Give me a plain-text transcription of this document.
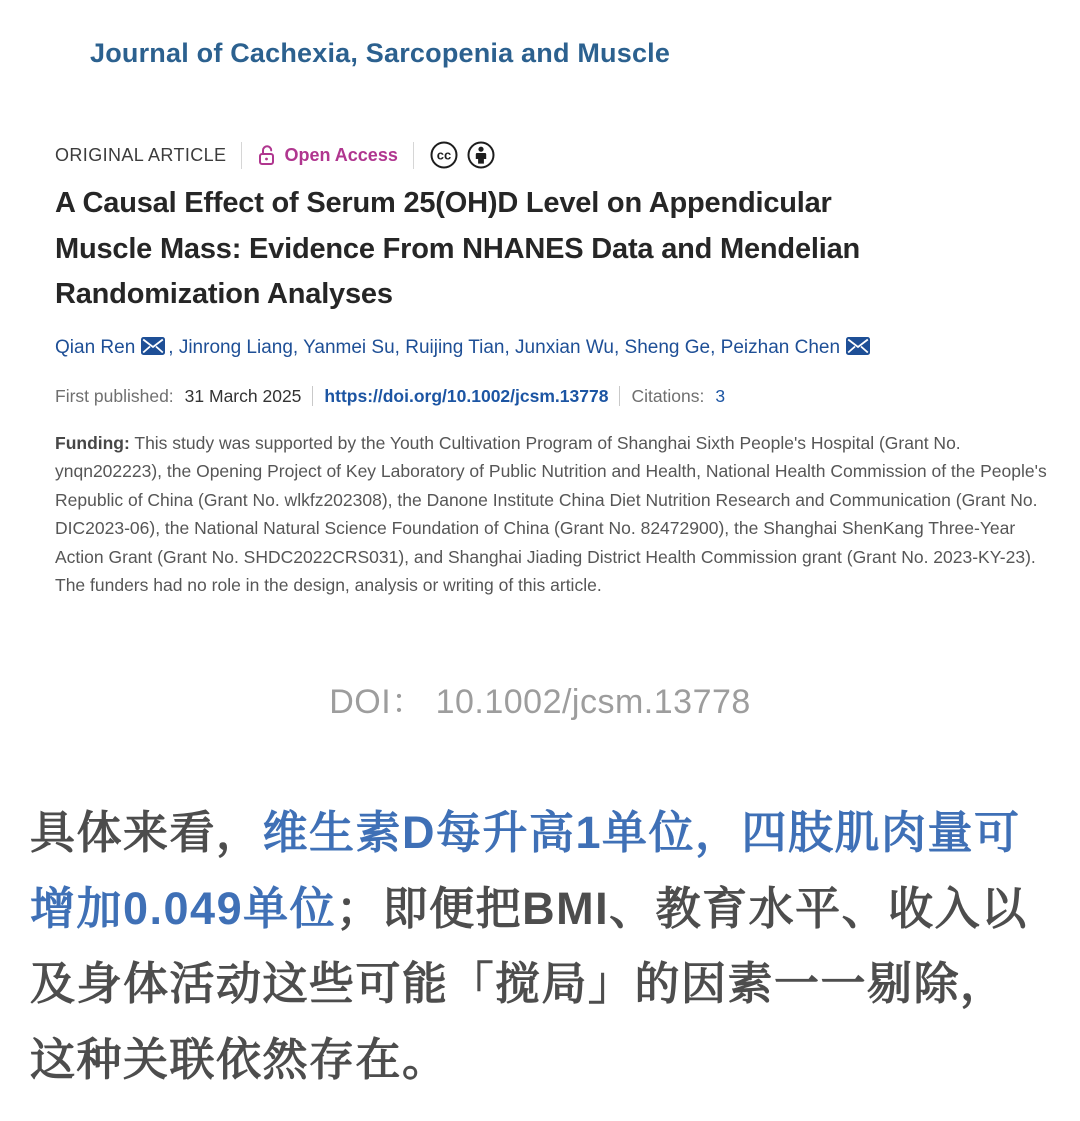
Journal of Cachexia, Sarcopenia and Muscle
ORIGINAL ARTICLE	Open Access	cc
A Causal Effect of Serum 25(OH)D Level on Appendicular
Muscle Mass: Evidence From NHANES Data and Mendelian
Randomization Analyses
Qian Ren , Jinrong Liang, Yanmei Su, Ruijing Tian, Junxian Wu, Sheng Ge, Peizhan Chen
First published: 31 March 2025 https://doi.org/10.1002/jcsm.13778 Citations: 3
Funding: This study was supported by the Youth Cultivation Program of Shanghai Sixth People's Hospital (Grant No. ynqn202223), the Opening Project of Key Laboratory of Public Nutrition and Health, National Health Commission of the People's Republic of China (Grant No. wlkfz202308), the Danone Institute China Diet Nutrition Research and Communication (Grant No. DIC2023-06), the National Natural Science Foundation of China (Grant No. 82472900), the Shanghai ShenKang Three-Year Action Grant (Grant No. SHDC2022CRS031), and Shanghai Jiading District Health Commission grant (Grant No. 2023-KY-23). The funders had no role in the design, analysis or writing of this article.
DOI： 10.1002/jcsm.13778
具体来看，维生素D每升高1单位，四肢肌肉量可
增加0.049单位；即便把BMI、教育水平、收入以
及身体活动这些可能「搅局」的因素一一剔除，
这种关联依然存在。
